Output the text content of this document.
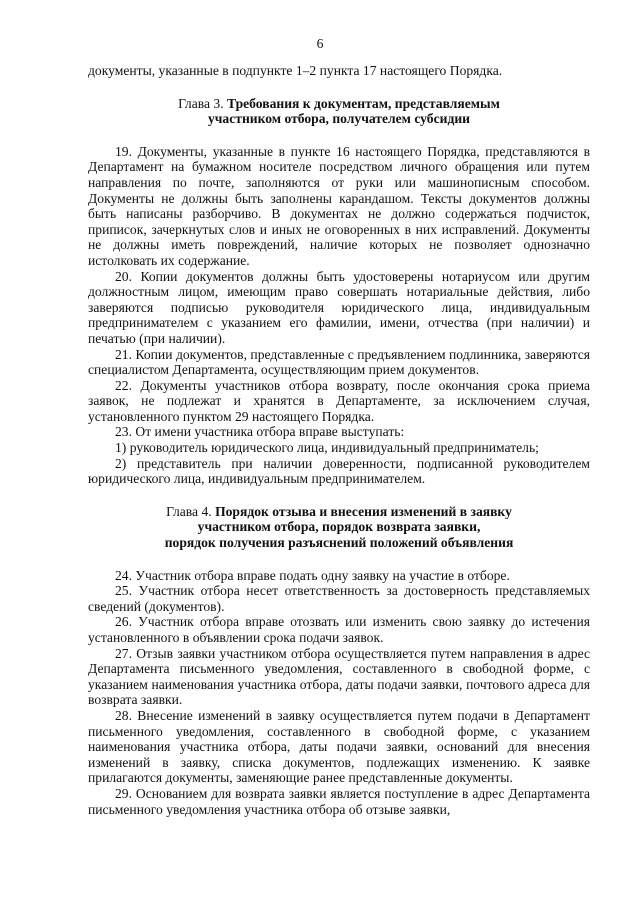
6

документы, указанные в подпункте 1–2 пункта 17 настоящего Порядка.

Глава 3. Требования к документам, представляемым

участником отбора, получателем субсидии

19. Документы, указанные в пункте 16 настоящего Порядка, представляются в Департамент на бумажном носителе посредством личного обращения или путем направления по почте, заполняются от руки или машинописным способом. Документы не должны быть заполнены карандашом. Тексты документов должны быть написаны разборчиво. В документах не должно содержаться подчисток, приписок, зачеркнутых слов и иных не оговоренных в них исправлений. Документы не должны иметь повреждений, наличие которых не позволяет однозначно истолковать их содержание.

20. Копии документов должны быть удостоверены нотариусом или другим должностным лицом, имеющим право совершать нотариальные действия, либо заверяются подписью руководителя юридического лица, индивидуальным предпринимателем с указанием его фамилии, имени, отчества (при наличии) и печатью (при наличии).

21. Копии документов, представленные с предъявлением подлинника, заверяются специалистом Департамента, осуществляющим прием документов.

22. Документы участников отбора возврату, после окончания срока приема заявок, не подлежат и хранятся в Департаменте, за исключением случая, установленного пунктом 29 настоящего Порядка.

23. От имени участника отбора вправе выступать:

1) руководитель юридического лица, индивидуальный предприниматель;

2) представитель при наличии доверенности, подписанной руководителем юридического лица, индивидуальным предпринимателем.

Глава 4. Порядок отзыва и внесения изменений в заявку

участником отбора, порядок возврата заявки,

порядок получения разъяснений положений объявления

24. Участник отбора вправе подать одну заявку на участие в отборе.

25. Участник отбора несет ответственность за достоверность представляемых сведений (документов).

26. Участник отбора вправе отозвать или изменить свою заявку до истечения установленного в объявлении срока подачи заявок.

27. Отзыв заявки участником отбора осуществляется путем направления в адрес Департамента письменного уведомления, составленного в свободной форме, с указанием наименования участника отбора, даты подачи заявки, почтового адреса для возврата заявки.

28. Внесение изменений в заявку осуществляется путем подачи в Департамент письменного уведомления, составленного в свободной форме, с указанием наименования участника отбора, даты подачи заявки, оснований для внесения изменений в заявку, списка документов, подлежащих изменению. К заявке прилагаются документы, заменяющие ранее представленные документы.

29. Основанием для возврата заявки является поступление в адрес Департамента письменного уведомления участника отбора об отзыве заявки,
